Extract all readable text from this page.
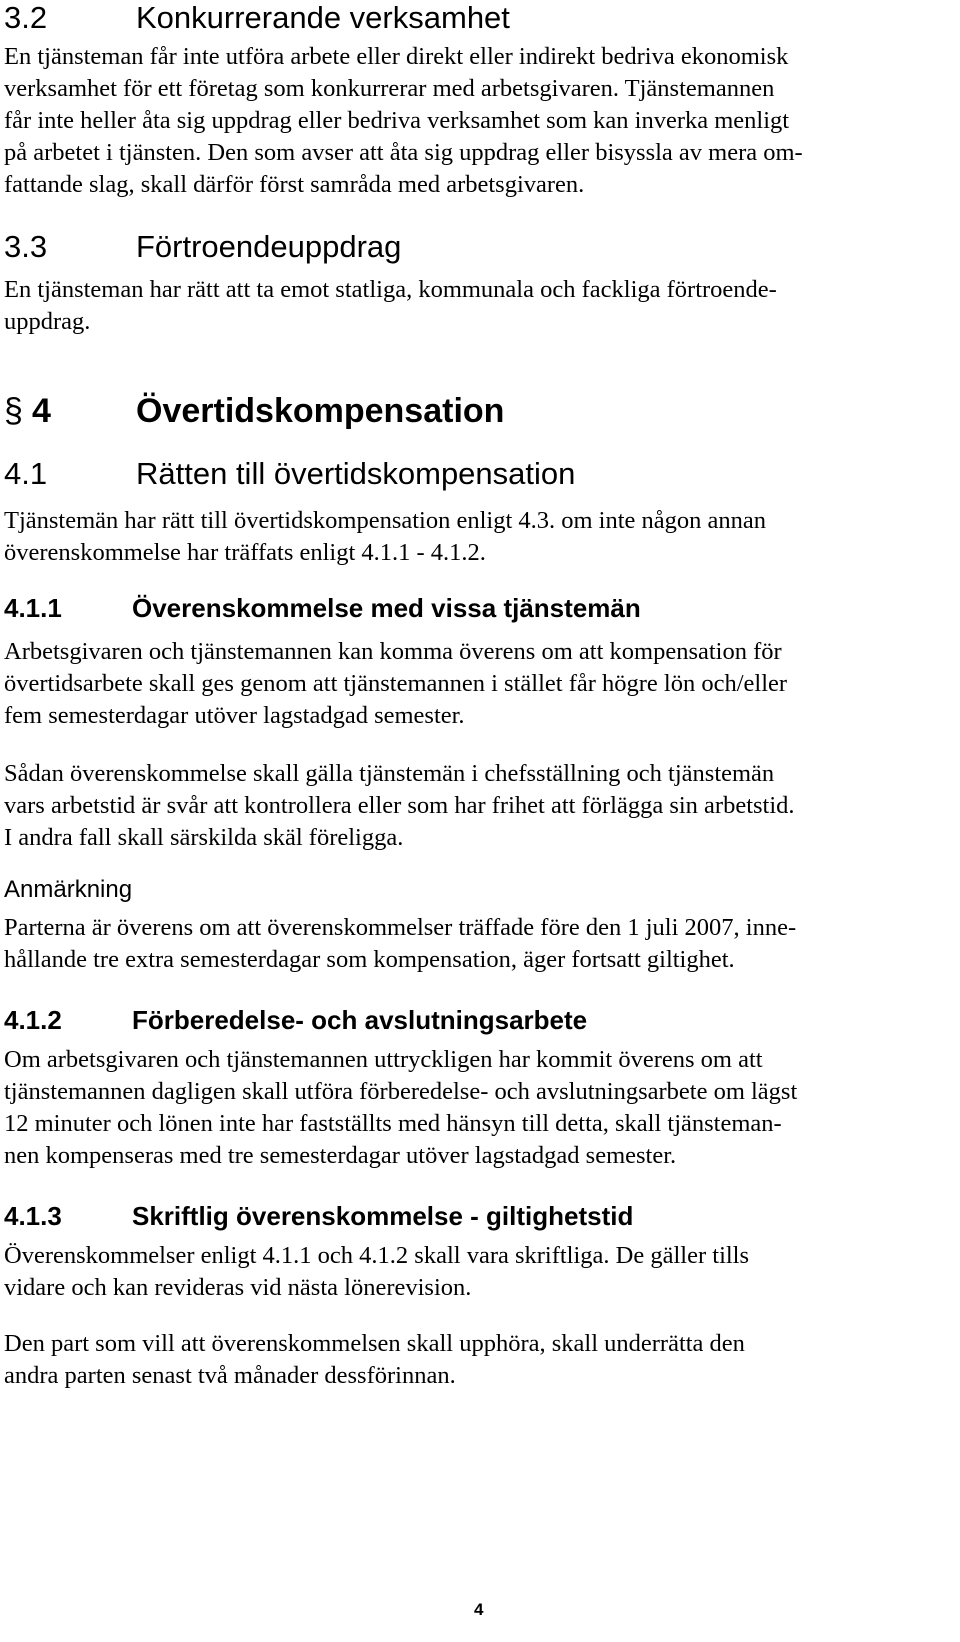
3.2	Konkurrerande verksamhet
En tjänsteman får inte utföra arbete eller direkt eller indirekt bedriva ekonomisk
verksamhet för ett företag som konkurrerar med arbetsgivaren. Tjänstemannen
får inte heller åta sig uppdrag eller bedriva verksamhet som kan inverka menligt
på arbetet i tjänsten. Den som avser att åta sig uppdrag eller bisyssla av mera om-
fattande slag, skall därför först samråda med arbetsgivaren.
3.3	Förtroendeuppdrag
En tjänsteman har rätt att ta emot statliga, kommunala och fackliga förtroende-
uppdrag.
§ 4	Övertidskompensation
4.1	Rätten till övertidskompensation
Tjänstemän har rätt till övertidskompensation enligt 4.3. om inte någon annan
överenskommelse har träffats enligt 4.1.1 - 4.1.2.
4.1.1	Överenskommelse med vissa tjänstemän
Arbetsgivaren och tjänstemannen kan komma överens om att kompensation för
övertidsarbete skall ges genom att tjänstemannen i stället får högre lön och/eller
fem semesterdagar utöver lagstadgad semester.
Sådan överenskommelse skall gälla tjänstemän i chefsställning och tjänstemän
vars arbetstid är svår att kontrollera eller som har frihet att förlägga sin arbetstid.
I andra fall skall särskilda skäl föreligga.
Anmärkning
Parterna är överens om att överenskommelser träffade före den 1 juli 2007, inne-
hållande tre extra semesterdagar som kompensation, äger fortsatt giltighet.
4.1.2	Förberedelse- och avslutningsarbete
Om arbetsgivaren och tjänstemannen uttryckligen har kommit överens om att
tjänstemannen dagligen skall utföra förberedelse- och avslutningsarbete om lägst
12 minuter och lönen inte har fastställts med hänsyn till detta, skall tjänsteman-
nen kompenseras med tre semesterdagar utöver lagstadgad semester.
4.1.3	Skriftlig överenskommelse - giltighetstid
Överenskommelser enligt 4.1.1 och 4.1.2 skall vara skriftliga. De gäller tills
vidare och kan revideras vid nästa lönerevision.
Den part som vill att överenskommelsen skall upphöra, skall underrätta den
andra parten senast två månader dessförinnan.
4
